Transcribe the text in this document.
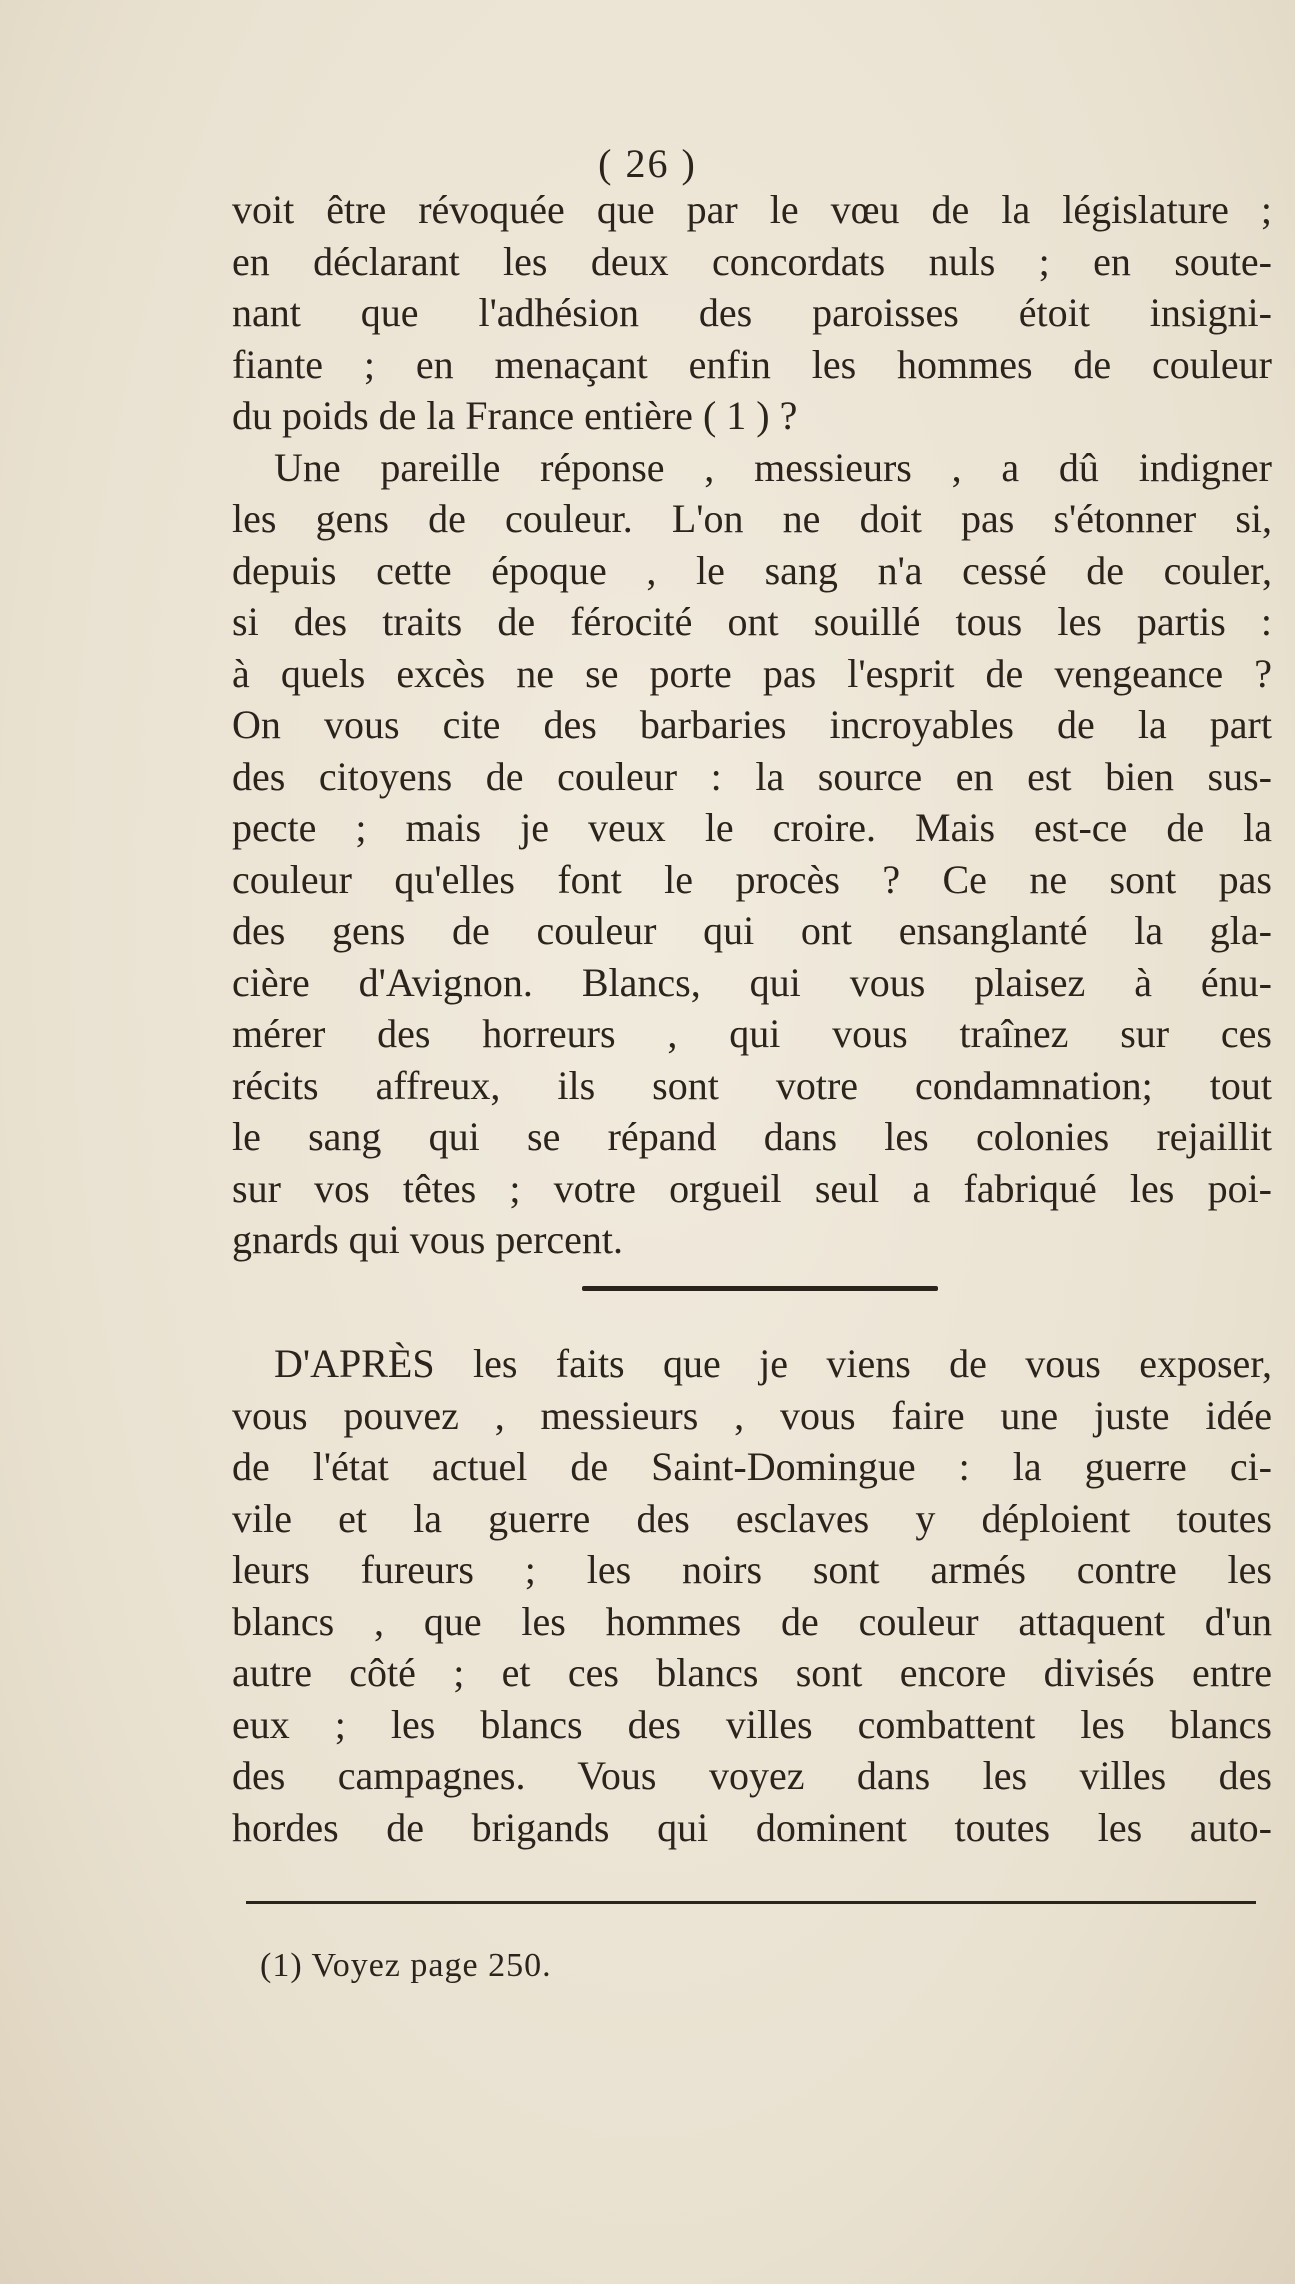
( 26 )
voit être révoquée que par le vœu de la législature ;
en déclarant les deux concordats nuls ; en soute-
nant que l'adhésion des paroisses étoit insigni-
fiante ; en menaçant enfin les hommes de couleur
du poids de la France entière ( 1 ) ?
Une pareille réponse , messieurs , a dû indigner
les gens de couleur. L'on ne doit pas s'étonner si,
depuis cette époque , le sang n'a cessé de couler,
si des traits de férocité ont souillé tous les partis :
à quels excès ne se porte pas l'esprit de vengeance ?
On vous cite des barbaries incroyables de la part
des citoyens de couleur : la source en est bien sus-
pecte ; mais je veux le croire. Mais est-ce de la
couleur qu'elles font le procès ? Ce ne sont pas
des gens de couleur qui ont ensanglanté la gla-
cière d'Avignon. Blancs, qui vous plaisez à énu-
mérer des horreurs , qui vous traînez sur ces
récits affreux, ils sont votre condamnation; tout
le sang qui se répand dans les colonies rejaillit
sur vos têtes ; votre orgueil seul a fabriqué les poi-
gnards qui vous percent.
D'APRÈS les faits que je viens de vous exposer,
vous pouvez , messieurs , vous faire une juste idée
de l'état actuel de Saint-Domingue : la guerre ci-
vile et la guerre des esclaves y déploient toutes
leurs fureurs ; les noirs sont armés contre les
blancs , que les hommes de couleur attaquent d'un
autre côté ; et ces blancs sont encore divisés entre
eux ; les blancs des villes combattent les blancs
des campagnes. Vous voyez dans les villes des
hordes de brigands qui dominent toutes les auto-
(1) Voyez page 250.
